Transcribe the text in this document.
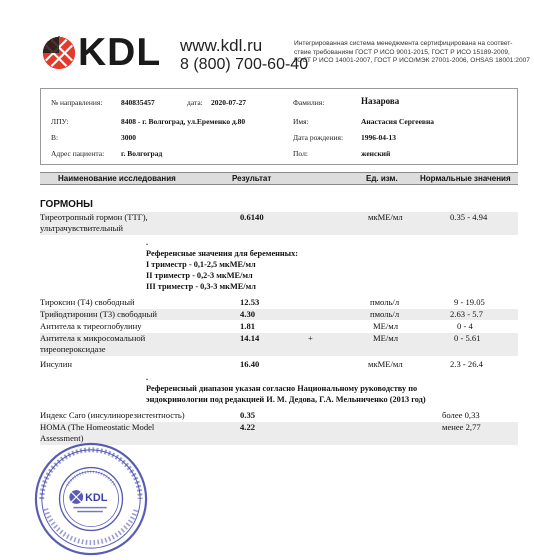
KDL www.kdl.ru
8 (800) 700-60-40
Интегрированная система менеджмента сертифицирована на соответ-
ствие требованиям ГОСТ Р ИСО 9001-2015, ГОСТ Р ИСО 15189-2009,
ГОСТ Р ИСО 14001-2007, ГОСТ Р ИСО/МЭК 27001-2006, OHSAS 18001:2007
№ направления: 840835457	дата: 2020-07-27
ЛПУ:	8408 - г. Волгоград, ул.Еременко д.80
В:	3000
Адрес пациента: г. Волгоград
Фамилия:	Назарова
Имя:	Анастасия Сергеевна
Дата рождения: 1996-04-13
Пол:	женский
Наименование исследования	Результат	Ед. изм.	Нормальные значения
ГОРМОНЫ
Тиреотропный гормон (ТТГ),
ультрачувствительный
0.6140	мкМЕ/мл	0.35 - 4.94
.
Референсные значения для беременных:
I триместр - 0,1-2,5 мкМЕ/мл
II триместр - 0,2-3 мкМЕ/мл
III триместр - 0,3-3 мкМЕ/мл
Тироксин (Т4) свободный	12.53	пмоль/л	9 - 19.05
Трийодтиронин (Т3) свободный	4.30	пмоль/л	2.63 - 5.7
Антитела к тиреоглобулину	1.81	МЕ/мл	0 - 4
Антитела к микросомальной
тиреопероксидазе
14.14	+	МЕ/мл	0 - 5.61
Инсулин	16.40	мкМЕ/мл	2.3 - 26.4
.
Референсный диапазон указан согласно Национальному руководству по
эндокринологии под редакцией И. М. Дедова, Г.А. Мельниченко (2013 год)
Индекс Caro (инсулинорезистентность)	0.35	более 0,33
HOMA (The Homeostatic Model
Assessment)
4.22	менее 2,77
KDL
